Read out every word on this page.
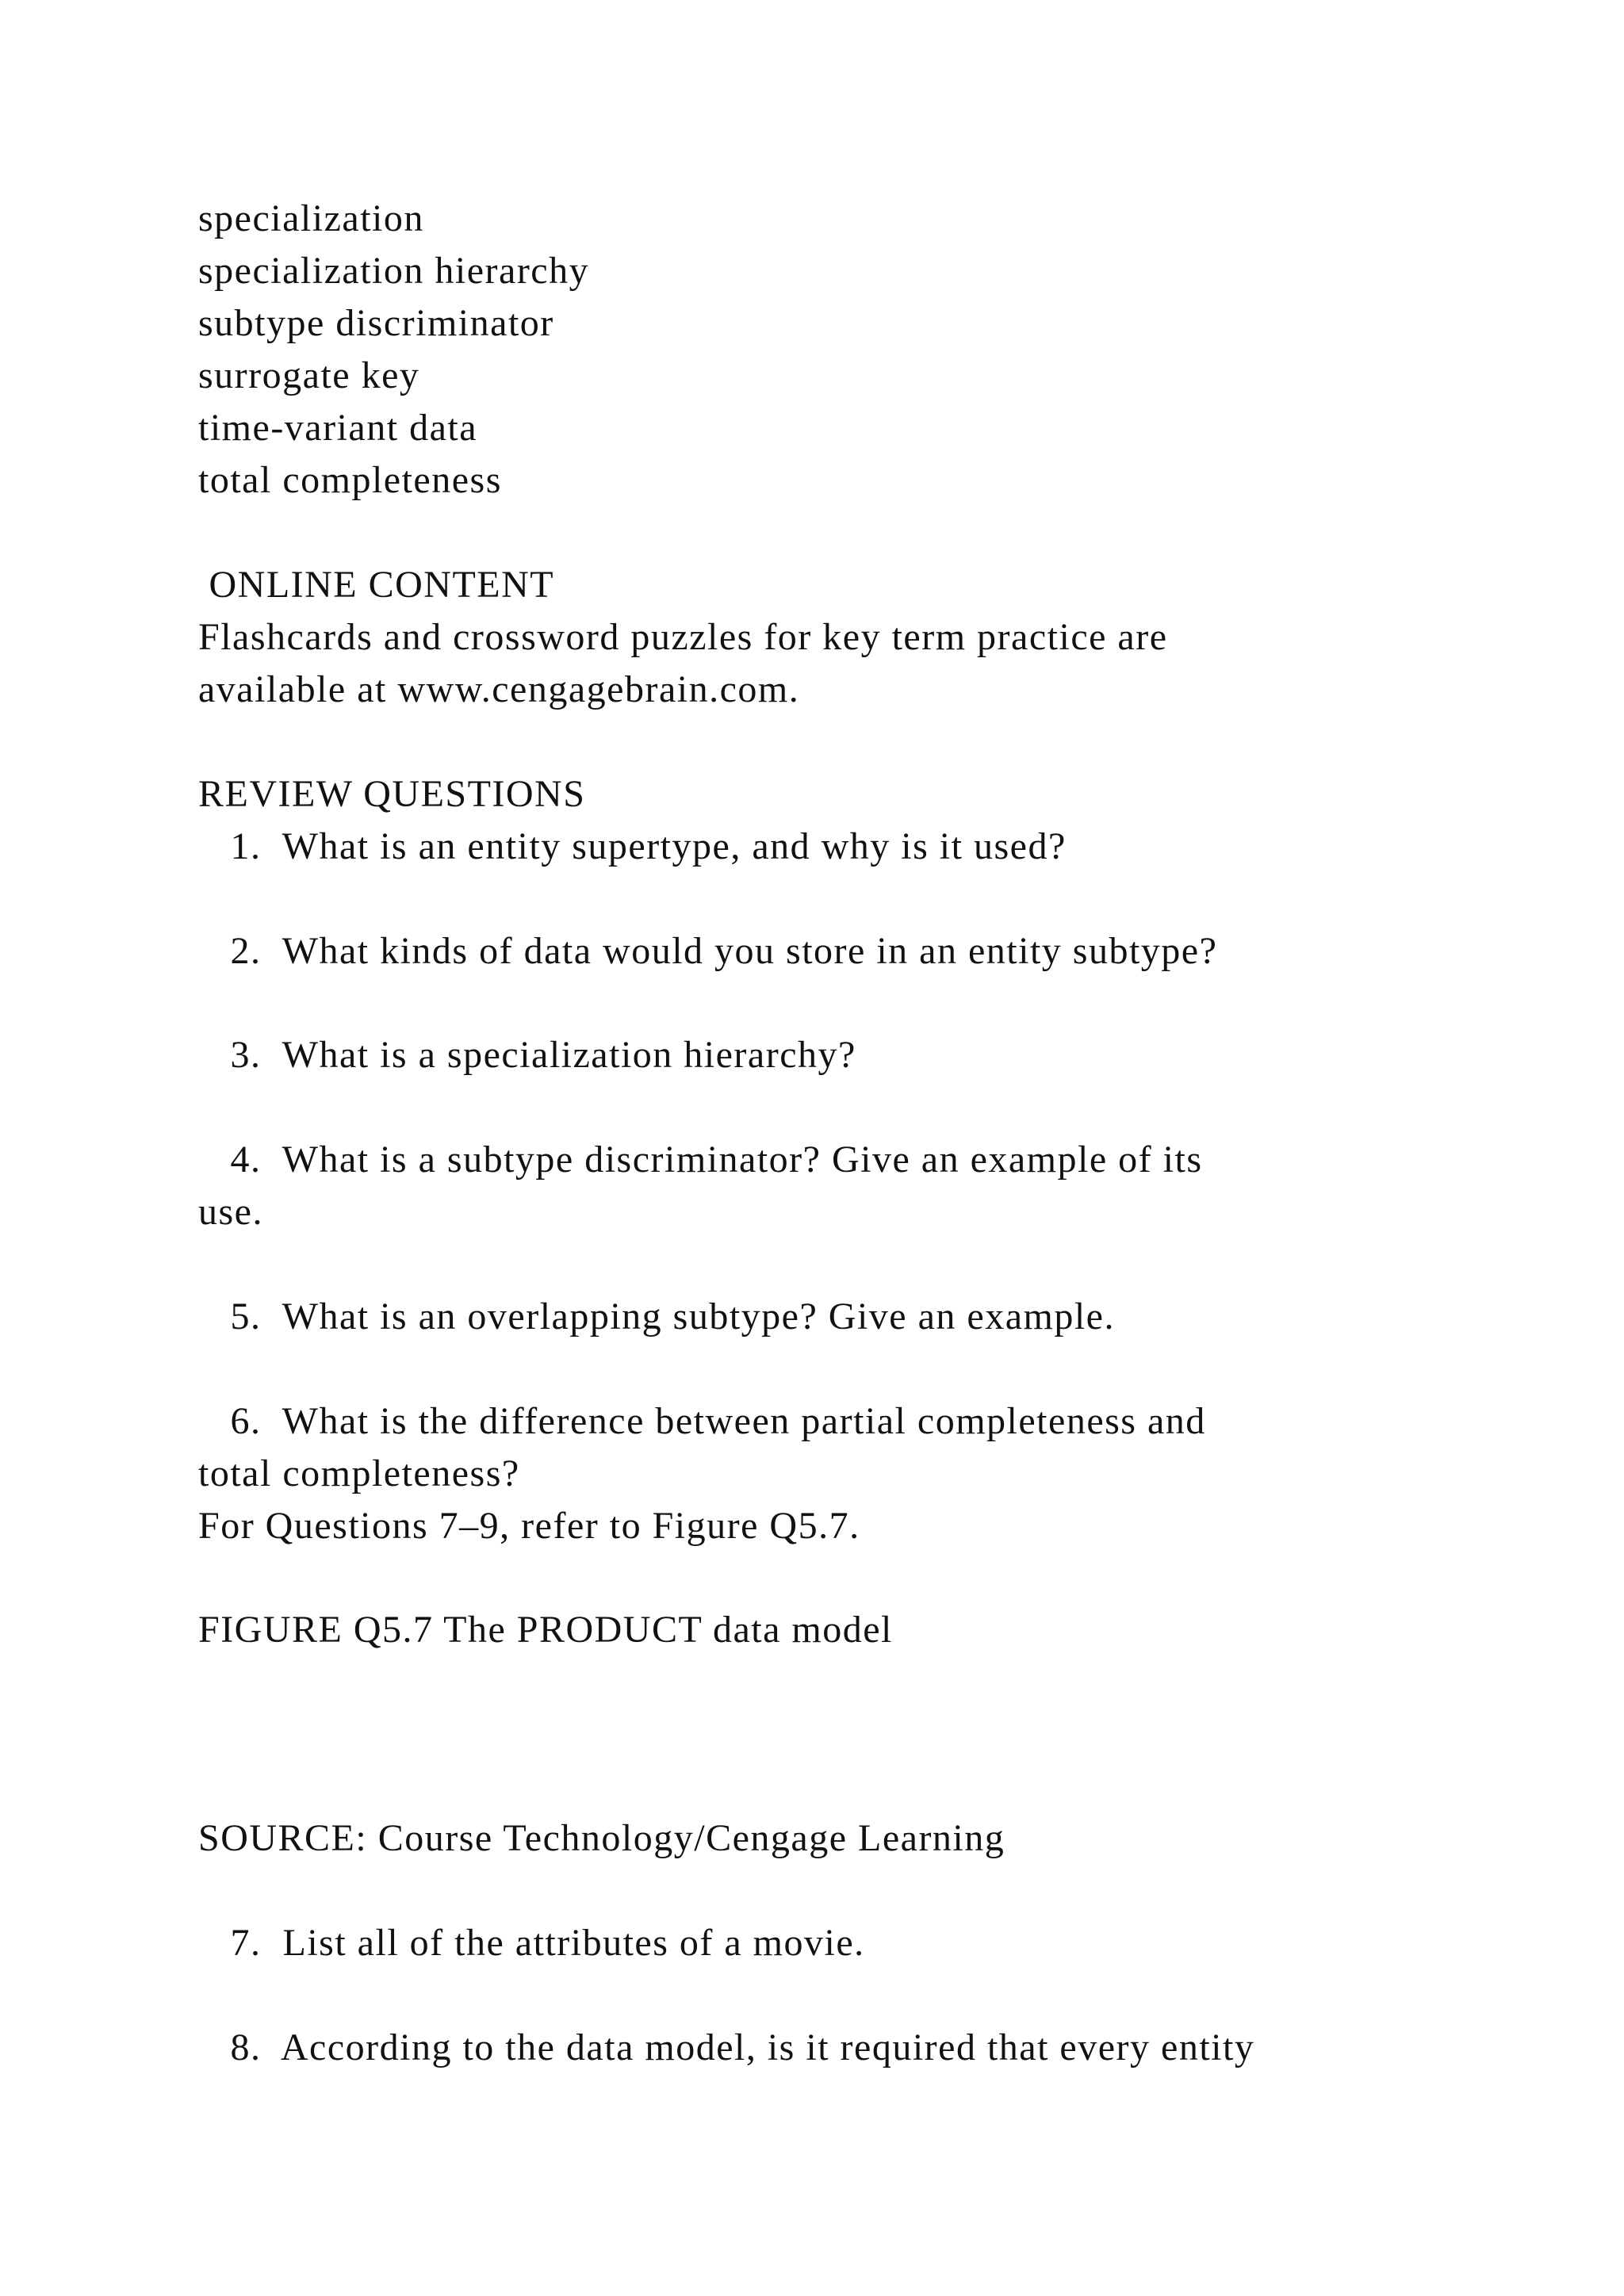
specialization
specialization hierarchy
subtype discriminator
surrogate key
time-variant data
total completeness
ONLINE CONTENT
Flashcards and crossword puzzles for key term practice are
available at www.cengagebrain.com.
REVIEW QUESTIONS
1.  What is an entity supertype, and why is it used?
2.  What kinds of data would you store in an entity subtype?
3.  What is a specialization hierarchy?
4.  What is a subtype discriminator? Give an example of its
use.
5.  What is an overlapping subtype? Give an example.
6.  What is the difference between partial completeness and
total completeness?
For Questions 7–9, refer to Figure Q5.7.
FIGURE Q5.7 The PRODUCT data model
SOURCE: Course Technology/Cengage Learning
7.  List all of the attributes of a movie.
8.  According to the data model, is it required that every entity
